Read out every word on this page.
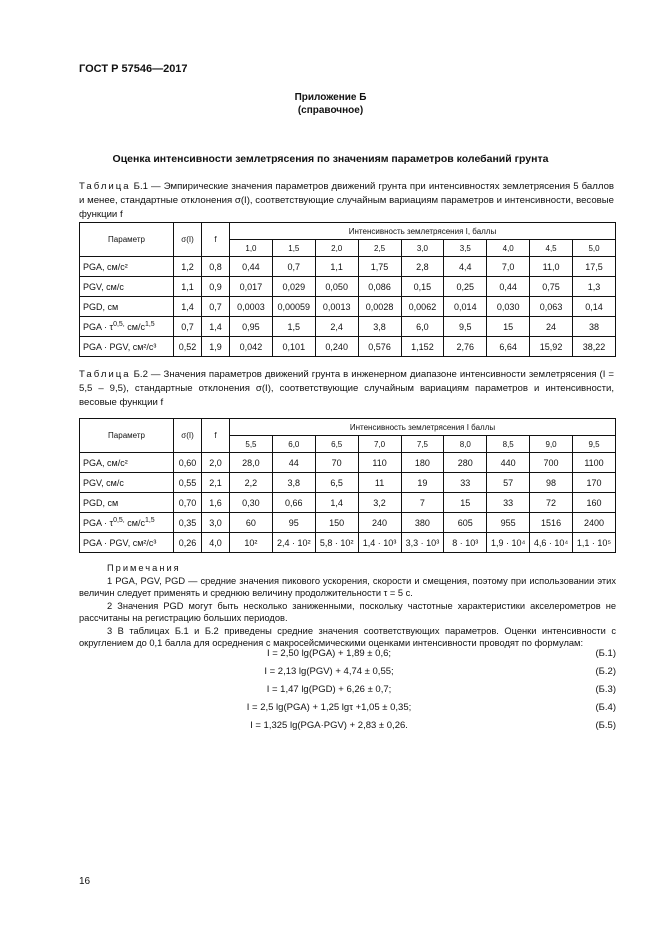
ГОСТ Р 57546—2017
Приложение Б
(справочное)
Оценка интенсивности землетрясения по значениям параметров колебаний грунта
Таблица Б.1 — Эмпирические значения параметров движений грунта при интенсивностях землетрясения 5 баллов и менее, стандартные отклонения σ(I), соответствующие случайным вариациям параметров и интенсивности, весовые функции f
Параметр	σ(I)	f	Интенсивность землетрясения I, баллы								
			1,0	1,5	2,0	2,5	3,0	3,5	4,0	4,5	5,0
PGA, см/с²	1,2	0,8	0,44	0,7	1,1	1,75	2,8	4,4	7,0	11,0	17,5
PGV, см/с	1,1	0,9	0,017	0,029	0,050	0,086	0,15	0,25	0,44	0,75	1,3
PGD, см	1,4	0,7	0,0003	0,00059	0,0013	0,0028	0,0062	0,014	0,030	0,063	0,14
PGA · $\tau^{0,5,}$ $см/с^{1,5}$	0,7	1,4	0,95	1,5	2,4	3,8	6,0	9,5	15	24	38
PGA · PGV, см²/с³	0,52	1,9	0,042	0,101	0,240	0,576	1,152	2,76	6,64	15,92	38,22
Таблица Б.2 — Значения параметров движений грунта в инженерном диапазоне интенсивности землетрясения (I = 5,5 – 9,5), стандартные отклонения σ(I), соответствующие случайным вариациям параметров и интенсивности, весовые функции f
Параметр	σ(I)	f	Интенсивность землетрясения I баллы								
			5,5	6,0	6,5	7,0	7,5	8,0	8,5	9,0	9,5
PGA, см/с²	0,60	2,0	28,0	44	70	110	180	280	440	700	1100
PGV, см/с	0,55	2,1	2,2	3,8	6,5	11	19	33	57	98	170
PGD, см	0,70	1,6	0,30	0,66	1,4	3,2	7	15	33	72	160
PGA · $\tau^{0,5,}$ $см/с^{1,5}$	0,35	3,0	60	95	150	240	380	605	955	1516	2400
PGA · PGV, см²/с³	0,26	4,0	10²	2,4 · 10²	5,8 · 10²	1,4 · 10³	3,3 · 10³	8 · 10³	1,9 · 10⁴	4,6 · 10⁴	1,1 · 10⁵

Примечания

1 PGA, PGV, PGD — средние значения пикового ускорения, скорости и смещения, поэтому при использовании этих величин следует применять и среднюю величину продолжительности τ = 5 с.

2 Значения PGD могут быть несколько заниженными, поскольку частотные характеристики акселерометров не рассчитаны на регистрацию больших периодов.

3 В таблицах Б.1 и Б.2 приведены средние значения соответствующих параметров. Оценки интенсивности с округлением до 0,1 балла для осреднения с макросейсмическими оценками интенсивности проводят по формулам:

I = 2,50 lg(PGA) + 1,89 ± 0,6;	(Б.1)
I = 2,13 lg(PGV) + 4,74 ± 0,55;	(Б.2)
I = 1,47 lg(PGD) + 6,26 ± 0,7;	(Б.3)
I = 2,5 lg(PGA) + 1,25 lgτ +1,05 ± 0,35;	(Б.4)
I = 1,325 lg(PGA·PGV) + 2,83 ± 0,26.	(Б.5)
16
